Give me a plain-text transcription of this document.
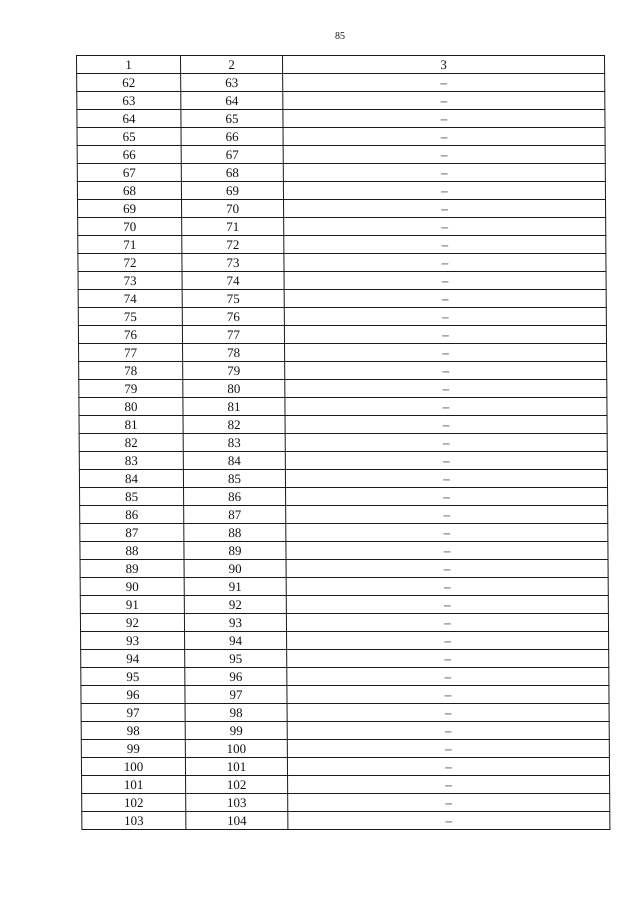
85
1	2	3
62	63	–
63	64	–
64	65	–
65	66	–
66	67	–
67	68	–
68	69	–
69	70	–
70	71	–
71	72	–
72	73	–
73	74	–
74	75	–
75	76	–
76	77	–
77	78	–
78	79	–
79	80	–
80	81	–
81	82	–
82	83	–
83	84	–
84	85	–
85	86	–
86	87	–
87	88	–
88	89	–
89	90	–
90	91	–
91	92	–
92	93	–
93	94	–
94	95	–
95	96	–
96	97	–
97	98	–
98	99	–
99	100	–
100	101	–
101	102	–
102	103	–
103	104	–
